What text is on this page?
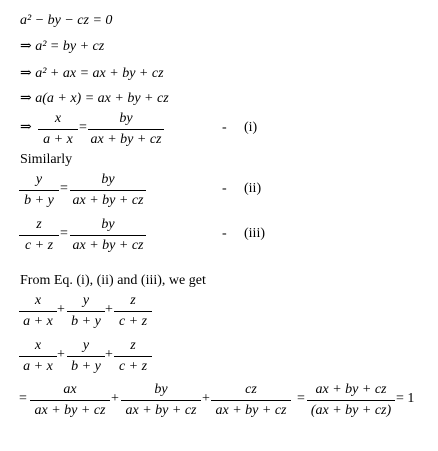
a² − by − cz = 0
⇒ a² = by + cz
⇒ a² + ax = ax + by + cz
⇒ a(a + x) = ax + by + cz
⇒
x
a + x
=
by
ax + by + cz
- (i)
Similarly
y
b + y
=
by
ax + by + cz
- (ii)
z
c + z
=
by
ax + by + cz
- (iii)
From Eq. (i), (ii) and (iii), we get
x
a + x
+
y
b + y
+
z
c + z
x
a + x
+
y
b + y
+
z
c + z
=
ax
ax + by + cz
+
by
ax + by + cz
+
cz
ax + by + cz
=
ax + by + cz
(ax + by + cz)
= 1
